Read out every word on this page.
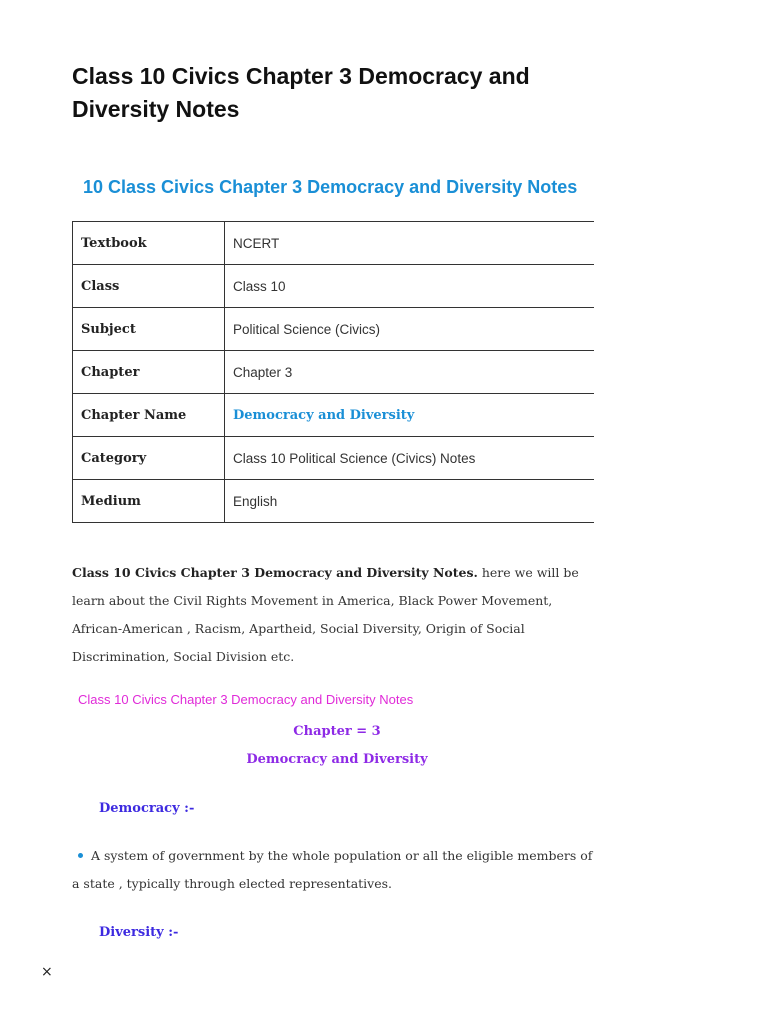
Class 10 Civics Chapter 3 Democracy and Diversity Notes
10 Class Civics Chapter 3 Democracy and Diversity Notes
Textbook	NCERT
Class	Class 10
Subject	Political Science (Civics)
Chapter	Chapter 3
Chapter Name	Democracy and Diversity
Category	Class 10 Political Science (Civics) Notes
Medium	English

Class 10 Civics Chapter 3 Democracy and Diversity Notes. here we will be learn about the Civil Rights Movement in America, Black Power Movement, African-American , Racism, Apartheid, Social Diversity, Origin of Social Discrimination, Social Division etc.

Class 10 Civics Chapter 3 Democracy and Diversity Notes

Chapter = 3

Democracy and Diversity

Democracy :-

A system of government by the whole population or all the eligible members of a state , typically through elected representatives.

Diversity :-

×
